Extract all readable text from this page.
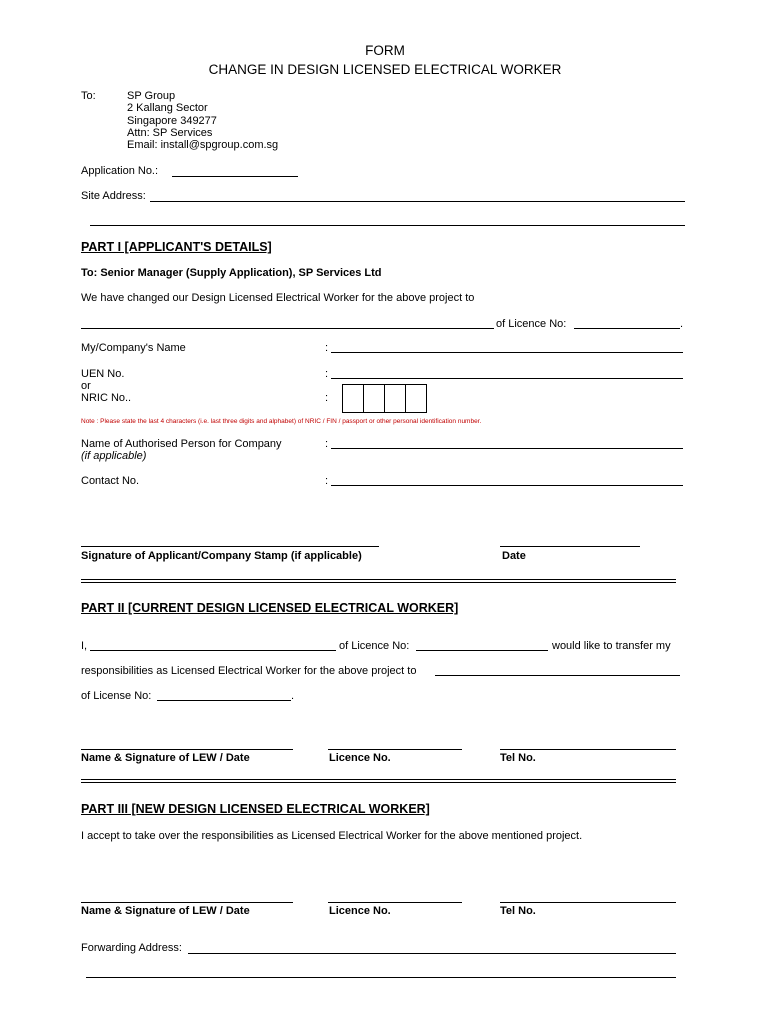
FORM
CHANGE IN DESIGN LICENSED ELECTRICAL WORKER
To:	SP Group
2 Kallang Sector
Singapore 349277
Attn: SP Services
Email: install@spgroup.com.sg
Application No.:
Site Address:
PART I [APPLICANT'S DETAILS]
To: Senior Manager (Supply Application), SP Services Ltd
We have changed our Design Licensed Electrical Worker for the above project to
of Licence No:	.
My/Company's Name	:
UEN No.	:
or
NRIC No..	:
Note : Please state the last 4 characters (i.e. last three digits and alphabet) of NRIC / FIN / passport or other personal identification number.
Name of Authorised Person for Company
(if applicable)
:
Contact No.	:
Signature of Applicant/Company Stamp (if applicable)	Date
PART II [CURRENT DESIGN LICENSED ELECTRICAL WORKER]
I,	of Licence No:	would like to transfer my
responsibilities as Licensed Electrical Worker for the above project to
of License No:	.
Name & Signature of LEW / Date	Licence No.	Tel No.
PART III [NEW DESIGN LICENSED ELECTRICAL WORKER]
I accept to take over the responsibilities as Licensed Electrical Worker for the above mentioned project.
Name & Signature of LEW / Date	Licence No.	Tel No.
Forwarding Address:
